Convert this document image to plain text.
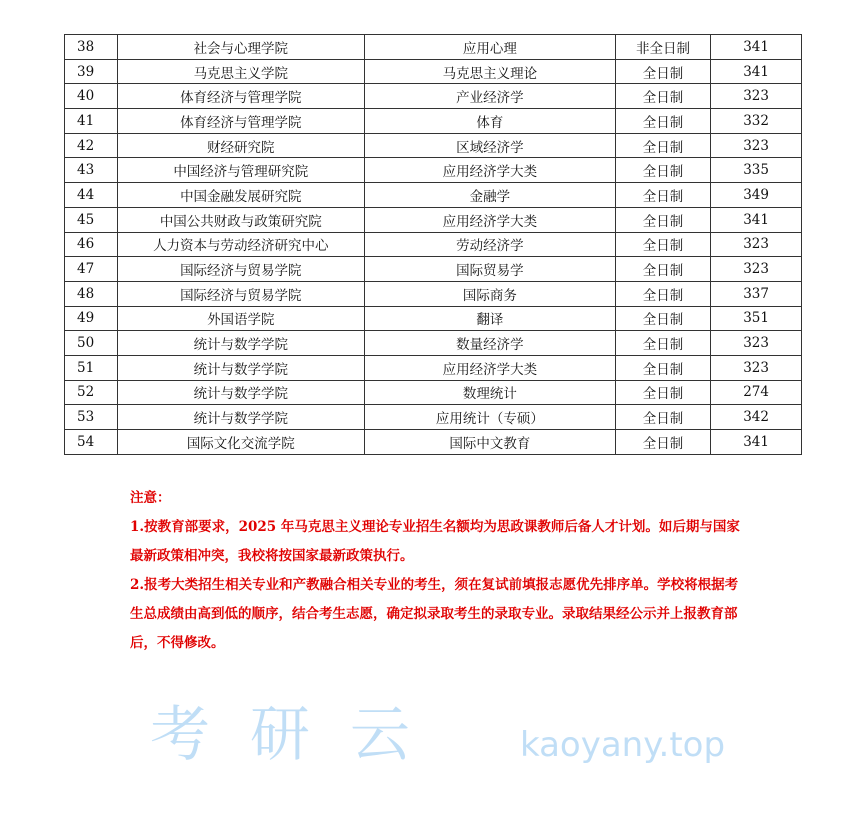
38	社会与心理学院	应用心理	非全日制	341
39	马克思主义学院	马克思主义理论	全日制	341
40	体育经济与管理学院	产业经济学	全日制	323
41	体育经济与管理学院	体育	全日制	332
42	财经研究院	区域经济学	全日制	323
43	中国经济与管理研究院	应用经济学大类	全日制	335
44	中国金融发展研究院	金融学	全日制	349
45	中国公共财政与政策研究院	应用经济学大类	全日制	341
46	人力资本与劳动经济研究中心	劳动经济学	全日制	323
47	国际经济与贸易学院	国际贸易学	全日制	323
48	国际经济与贸易学院	国际商务	全日制	337
49	外国语学院	翻译	全日制	351
50	统计与数学学院	数量经济学	全日制	323
51	统计与数学学院	应用经济学大类	全日制	323
52	统计与数学学院	数理统计	全日制	274
53	统计与数学学院	应用统计（专硕）	全日制	342
54	国际文化交流学院	国际中文教育	全日制	341

注意：

1.按教育部要求，2025 年马克思主义理论专业招生名额均为思政课教师后备人才计划。如后期与国家最新政策相冲突，我校将按国家最新政策执行。

2.报考大类招生相关专业和产教融合相关专业的考生，须在复试前填报志愿优先排序单。学校将根据考生总成绩由高到低的顺序，结合考生志愿，确定拟录取考生的录取专业。录取结果经公示并上报教育部后，不得修改。

考研云 kaoyany.top
